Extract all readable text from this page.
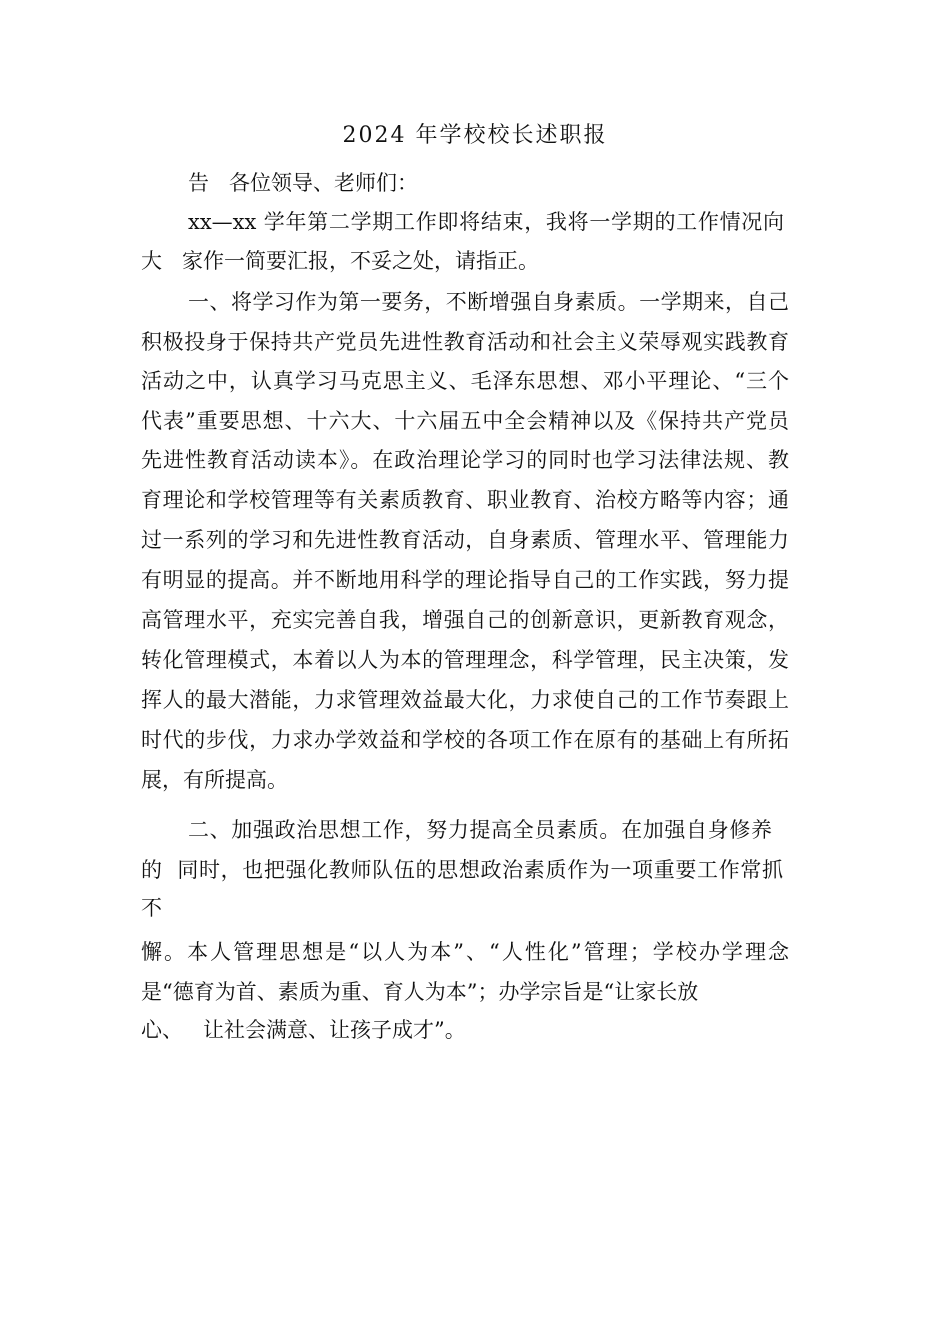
2024 年学校校长述职报
告   各位领导、老师们：
xx—xx 学年第二学期工作即将结束，我将一学期的工作情况向
大   家作一简要汇报，不妥之处，请指正。
一、将学习作为第一要务，不断增强自身素质。一学期来，自己
积极投身于保持共产党员先进性教育活动和社会主义荣辱观实践教育
活动之中，认真学习马克思主义、毛泽东思想、邓小平理论、“三个
代表”重要思想、十六大、十六届五中全会精神以及《保持共产党员
先进性教育活动读本》。在政治理论学习的同时也学习法律法规、教
育理论和学校管理等有关素质教育、职业教育、治校方略等内容；通
过一系列的学习和先进性教育活动，自身素质、管理水平、管理能力
有明显的提高。并不断地用科学的理论指导自己的工作实践，努力提
高管理水平，充实完善自我，增强自己的创新意识，更新教育观念，
转化管理模式，本着以人为本的管理理念，科学管理，民主决策，发
挥人的最大潜能，力求管理效益最大化，力求使自己的工作节奏跟上
时代的步伐，力求办学效益和学校的各项工作在原有的基础上有所拓
展，有所提高。
二、加强政治思想工作，努力提高全员素质。在加强自身修养
的  同时，也把强化教师队伍的思想政治素质作为一项重要工作常抓
不
懈。本人管理思想是“以人为本”、“人性化”管理；学校办学理念
是“德育为首、素质为重、育人为本”；办学宗旨是“让家长放
心、   让社会满意、让孩子成才”。
